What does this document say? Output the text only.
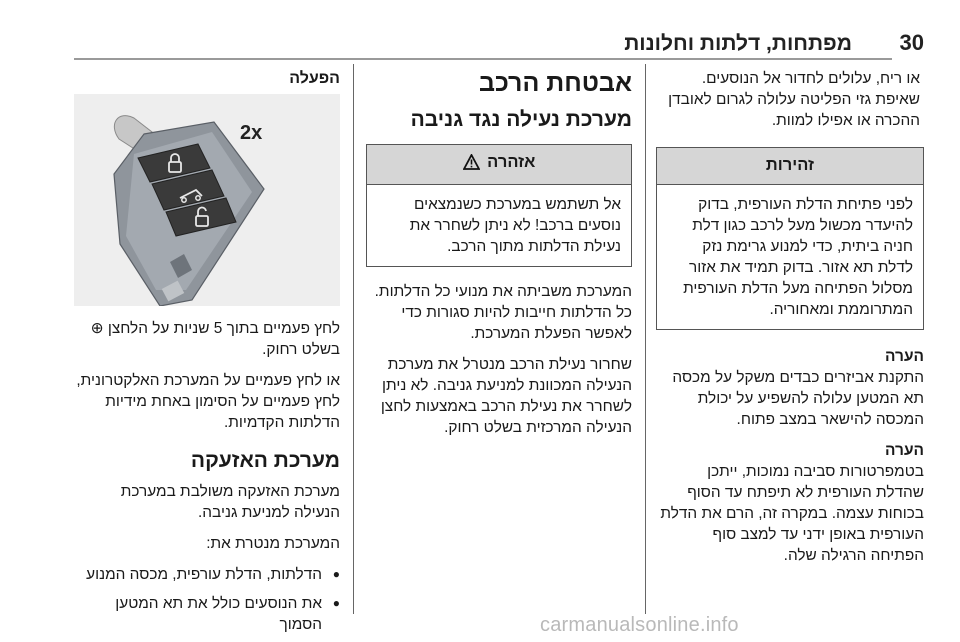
30
מפתחות, דלתות וחלונות

או ריח, עלולים לחדור אל הנוסעים. שאיפת גזי הפליטה עלולה לגרום לאובדן ההכרה או אפילו למוות.

זהירות
לפני פתיחת הדלת העורפית, בדוק להיעדר מכשול מעל לרכב כגון דלת חניה ביתית, כדי למנוע גרימת נזק לדלת תא אזור. בדוק תמיד את אזור מסלול הפתיחה מעל הדלת העורפית המתרוממת ומאחוריה.

הערה

התקנת אביזרים כבדים משקל על מכסה תא המטען עלולה להשפיע על יכולת המכסה להישאר במצב פתוח.

הערה

בטמפרטורות סביבה נמוכות, ייתכן שהדלת העורפית לא תיפתח עד הסוף בכוחות עצמה. במקרה זה, הרם את הדלת העורפית באופן ידני עד למצב סוף הפתיחה הרגילה שלה.

אבטחת הרכב

מערכת נעילה נגד גניבה

אזהרה
אל תשתמש במערכת כשנמצאים נוסעים ברכב! לא ניתן לשחרר את נעילת הדלתות מתוך הרכב.

המערכת משביתה את מנועי כל הדלתות. כל הדלתות חייבות להיות סגורות כדי לאפשר הפעלת המערכת.

שחרור נעילת הרכב מנטרל את מערכת הנעילה המכוונת למניעת גניבה. לא ניתן לשחרר את נעילת הרכב באמצעות לחצן הנעילה המרכזית בשלט רחוק.

הפעלה

2x

לחץ פעמיים בתוך 5 שניות על הלחצן ⊕ בשלט רחוק.

או לחץ פעמיים על המערכת האלקטרונית, לחץ פעמיים על הסימון באחת מידיות הדלתות הקדמיות.

מערכת האזעקה

מערכת האזעקה משולבת במערכת הנעילה למניעת גניבה.

המערכת מנטרת את:

● הדלתות, הדלת עורפית, מכסה המנוע

● את הנוסעים כולל את תא המטען הסמוך	carmanualsonline.info
